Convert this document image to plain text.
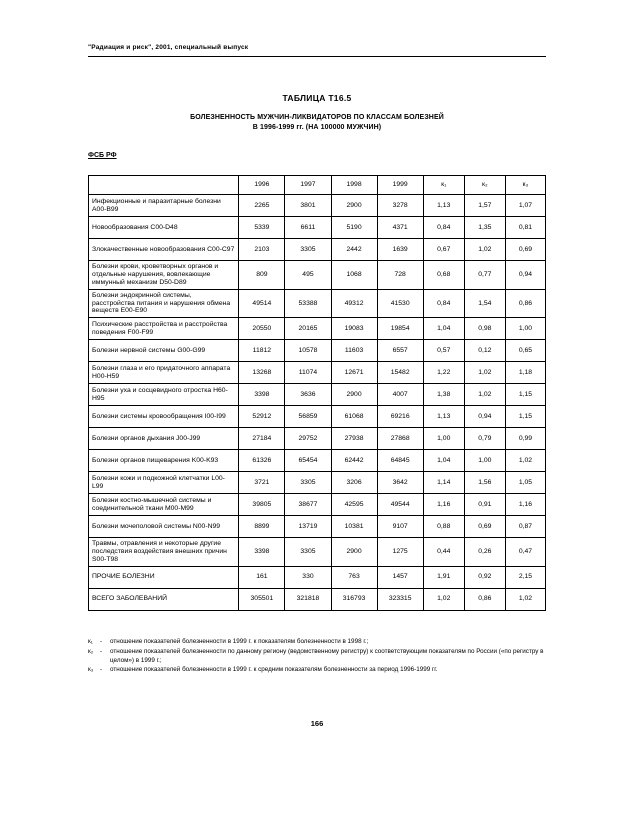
"Радиация и риск", 2001, специальный выпуск
ТАБЛИЦА Т16.5
БОЛЕЗНЕННОСТЬ МУЖЧИН-ЛИКВИДАТОРОВ ПО КЛАССАМ БОЛЕЗНЕЙ
В 1996-1999 гг. (НА 100000 МУЖЧИН)
ФСБ РФ
	1996	1997	1998	1999	к₁	к₂	к₃
Инфекционные и паразитарные болезни A00-B99	2265	3801	2900	3278	1,13	1,57	1,07
Новообразования C00-D48	5339	6611	5190	4371	0,84	1,35	0,81
Злокачественные новообразования C00-C97	2103	3305	2442	1639	0,67	1,02	0,69
Болезни крови, кроветворных органов и отдельные нарушения, вовлекающие иммунный механизм D50-D89	809	495	1068	728	0,68	0,77	0,94
Болезни эндокринной системы, расстройства питания и нарушения обмена веществ E00-E90	49514	53388	49312	41530	0,84	1,54	0,86
Психические расстройства и расстройства поведения F00-F99	20550	20165	19083	19854	1,04	0,98	1,00
Болезни нервной системы G00-G99	11812	10578	11603	6557	0,57	0,12	0,65
Болезни глаза и его придаточного аппарата H00-H59	13268	11074	12671	15482	1,22	1,02	1,18
Болезни уха и сосцевидного отростка H60-H95	3398	3636	2900	4007	1,38	1,02	1,15
Болезни системы кровообращения I00-I99	52912	56859	61068	69216	1,13	0,94	1,15
Болезни органов дыхания J00-J99	27184	29752	27938	27868	1,00	0,79	0,99
Болезни органов пищеварения K00-K93	61326	65454	62442	64845	1,04	1,00	1,02
Болезни кожи и подкожной клетчатки L00-L99	3721	3305	3206	3642	1,14	1,56	1,05
Болезни костно-мышечной системы и соединительной ткани M00-M99	39805	38677	42595	49544	1,16	0,91	1,16
Болезни мочеполовой системы N00-N99	8899	13719	10381	9107	0,88	0,69	0,87
Травмы, отравления и некоторые другие последствия воздействия внешних причин S00-T98	3398	3305	2900	1275	0,44	0,26	0,47
ПРОЧИЕ БОЛЕЗНИ	161	330	763	1457	1,91	0,92	2,15
ВСЕГО ЗАБОЛЕВАНИЙ	305501	321818	316793	323315	1,02	0,86	1,02
к₁	-	отношение показателей болезненности в 1999 г. к показателям болезненности в 1998 г.;
к₂	-	отношение показателей болезненности по данному региону (ведомственному регистру) к соответствующим показателям по России («по регистру в целом») в 1999 г.;
к₃	-	отношение показателей болезненности в 1999 г. к средним показателям болезненности за период 1996-1999 гг.
166
